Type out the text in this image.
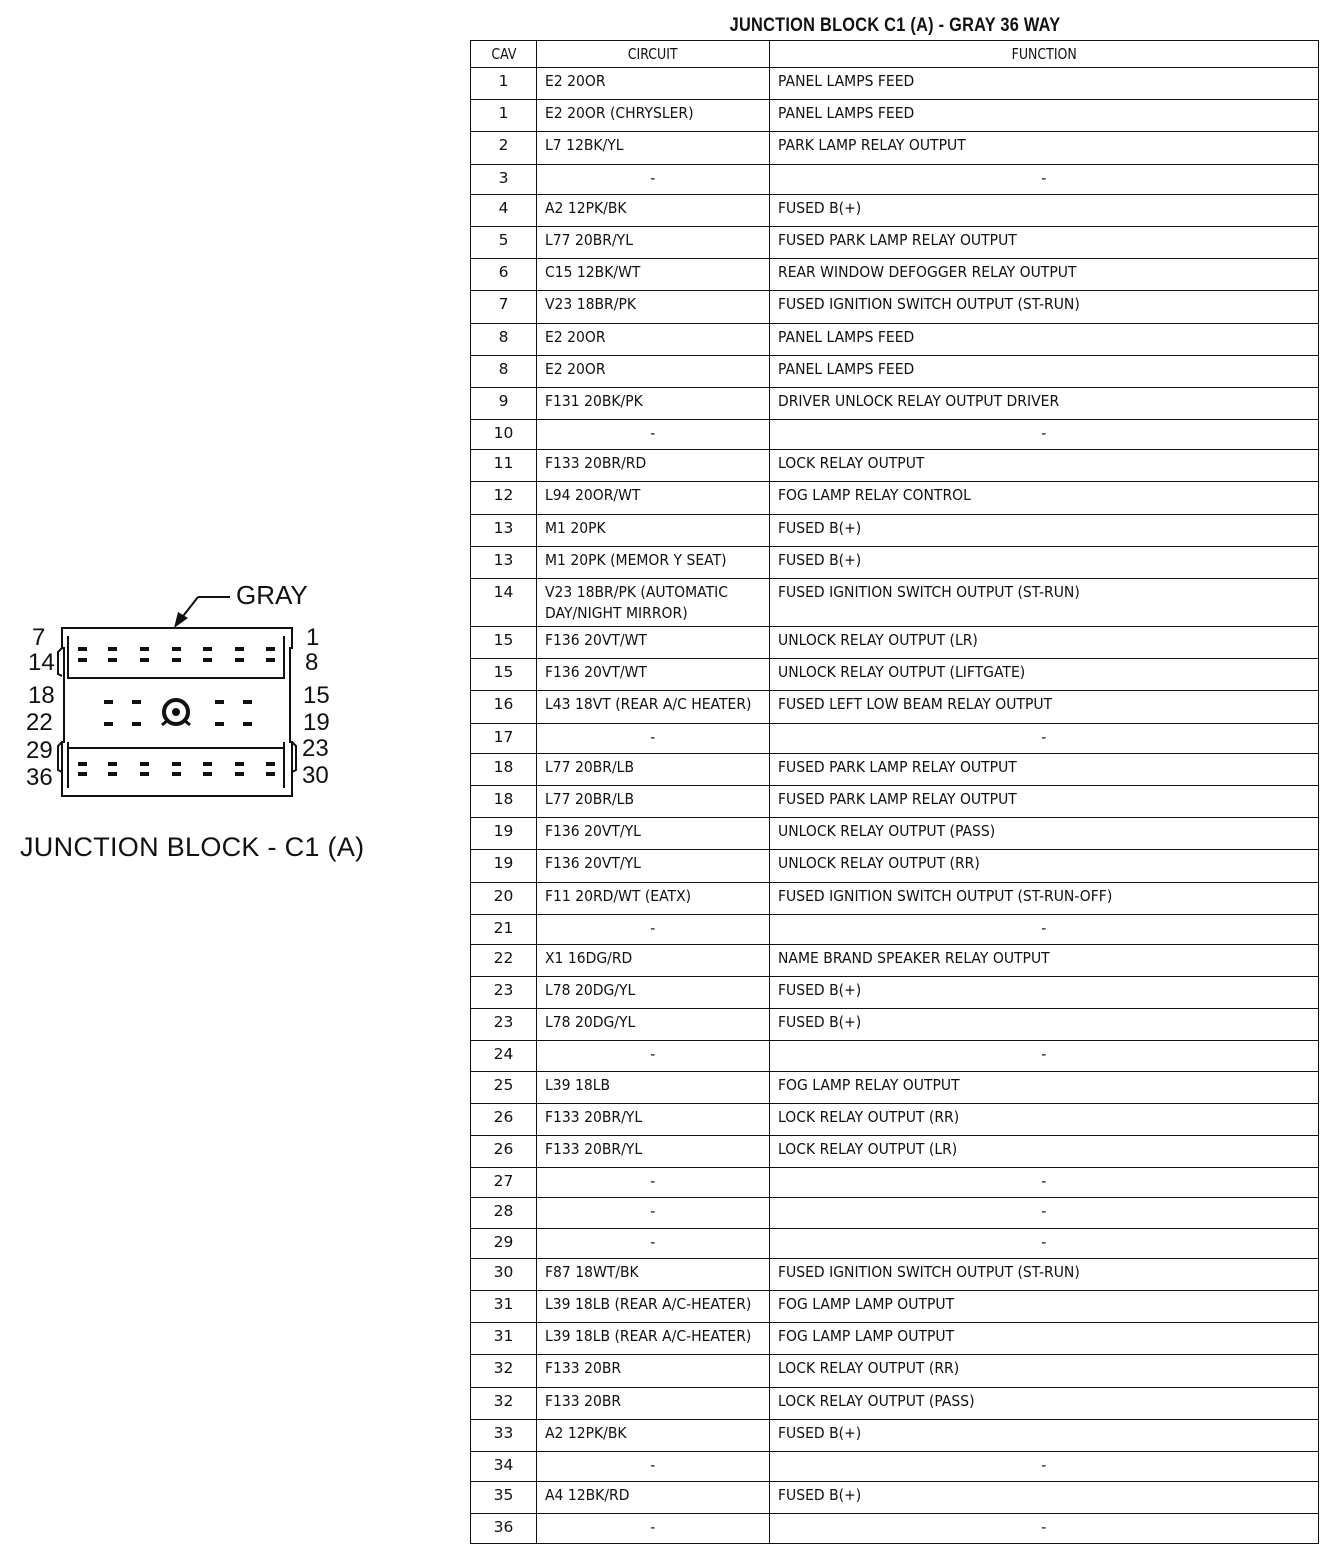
GRAY
7	1
14	8
18	15
22	19
29	23
36	30
JUNCTION BLOCK - C1 (A)
JUNCTION BLOCK C1 (A) - GRAY 36 WAY
CAV	CIRCUIT	FUNCTION
1	E2 20OR	PANEL LAMPS FEED
1	E2 20OR (CHRYSLER)	PANEL LAMPS FEED
2	L7 12BK/YL	PARK LAMP RELAY OUTPUT
3	-	-
4	A2 12PK/BK	FUSED B(+)
5	L77 20BR/YL	FUSED PARK LAMP RELAY OUTPUT
6	C15 12BK/WT	REAR WINDOW DEFOGGER RELAY OUTPUT
7	V23 18BR/PK	FUSED IGNITION SWITCH OUTPUT (ST-RUN)
8	E2 20OR	PANEL LAMPS FEED
8	E2 20OR	PANEL LAMPS FEED
9	F131 20BK/PK	DRIVER UNLOCK RELAY OUTPUT DRIVER
10	-	-
11	F133 20BR/RD	LOCK RELAY OUTPUT
12	L94 20OR/WT	FOG LAMP RELAY CONTROL
13	M1 20PK	FUSED B(+)
13	M1 20PK (MEMOR Y SEAT)	FUSED B(+)
14	V23 18BR/PK (AUTOMATIC DAY/NIGHT MIRROR)	FUSED IGNITION SWITCH OUTPUT (ST-RUN)
15	F136 20VT/WT	UNLOCK RELAY OUTPUT (LR)
15	F136 20VT/WT	UNLOCK RELAY OUTPUT (LIFTGATE)
16	L43 18VT (REAR A/C HEATER)	FUSED LEFT LOW BEAM RELAY OUTPUT
17	-	-
18	L77 20BR/LB	FUSED PARK LAMP RELAY OUTPUT
18	L77 20BR/LB	FUSED PARK LAMP RELAY OUTPUT
19	F136 20VT/YL	UNLOCK RELAY OUTPUT (PASS)
19	F136 20VT/YL	UNLOCK RELAY OUTPUT (RR)
20	F11 20RD/WT (EATX)	FUSED IGNITION SWITCH OUTPUT (ST-RUN-OFF)
21	-	-
22	X1 16DG/RD	NAME BRAND SPEAKER RELAY OUTPUT
23	L78 20DG/YL	FUSED B(+)
23	L78 20DG/YL	FUSED B(+)
24	-	-
25	L39 18LB	FOG LAMP RELAY OUTPUT
26	F133 20BR/YL	LOCK RELAY OUTPUT (RR)
26	F133 20BR/YL	LOCK RELAY OUTPUT (LR)
27	-	-
28	-	-
29	-	-
30	F87 18WT/BK	FUSED IGNITION SWITCH OUTPUT (ST-RUN)
31	L39 18LB (REAR A/C-HEATER)	FOG LAMP LAMP OUTPUT
31	L39 18LB (REAR A/C-HEATER)	FOG LAMP LAMP OUTPUT
32	F133 20BR	LOCK RELAY OUTPUT (RR)
32	F133 20BR	LOCK RELAY OUTPUT (PASS)
33	A2 12PK/BK	FUSED B(+)
34	-	-
35	A4 12BK/RD	FUSED B(+)
36	-	-
